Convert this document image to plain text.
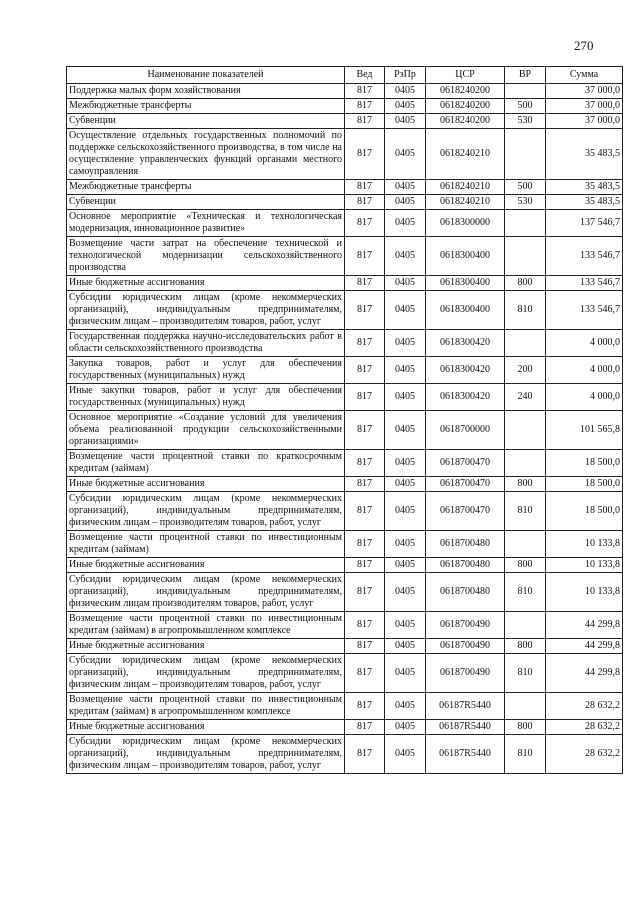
270
Наименование показателей	Вед	РзПр	ЦСР	ВР	Сумма
Поддержка малых форм хозяйствования	817	0405	0618240200		37 000,0
Межбюджетные трансферты	817	0405	0618240200	500	37 000,0
Субвенции	817	0405	0618240200	530	37 000,0
Осуществление отдельных государственных полномочий по поддержке сельскохозяйственного производства, в том числе на осуществление управленческих функций органами местного самоуправления	817	0405	0618240210		35 483,5
Межбюджетные трансферты	817	0405	0618240210	500	35 483,5
Субвенции	817	0405	0618240210	530	35 483,5
Основное мероприятие «Техническая и технологическая модернизация, инновационное развитие»	817	0405	0618300000		137 546,7
Возмещение части затрат на обеспечение технической и технологической модернизации сельскохозяйственного производства	817	0405	0618300400		133 546,7
Иные бюджетные ассигнования	817	0405	0618300400	800	133 546,7
Субсидии юридическим лицам (кроме некоммерческих организаций), индивидуальным предпринимателям, физическим лицам – производителям товаров, работ, услуг	817	0405	0618300400	810	133 546,7
Государственная поддержка научно-исследовательских работ в области сельскохозяйственного производства	817	0405	0618300420		4 000,0
Закупка товаров, работ и услуг для обеспечения государственных (муниципальных) нужд	817	0405	0618300420	200	4 000,0
Иные закупки товаров, работ и услуг для обеспечения государственных (муниципальных) нужд	817	0405	0618300420	240	4 000,0
Основное мероприятие «Создание условий для увеличения объема реализованной продукции сельскохозяйственными организациями»	817	0405	0618700000		101 565,8
Возмещение части процентной ставки по краткосрочным кредитам (займам)	817	0405	0618700470		18 500,0
Иные бюджетные ассигнования	817	0405	0618700470	800	18 500,0
Субсидии юридическим лицам (кроме некоммерческих организаций), индивидуальным предпринимателям, физическим лицам – производителям товаров, работ, услуг	817	0405	0618700470	810	18 500,0
Возмещение части процентной ставки по инвестиционным кредитам (займам)	817	0405	0618700480		10 133,8
Иные бюджетные ассигнования	817	0405	0618700480	800	10 133,8
Субсидии юридическим лицам (кроме некоммерческих организаций), индивидуальным предпринимателям, физическим лицам производителям товаров, работ, услуг	817	0405	0618700480	810	10 133,8
Возмещение части процентной ставки по инвестиционным кредитам (займам) в агропромышленном комплексе	817	0405	0618700490		44 299,8
Иные бюджетные ассигнования	817	0405	0618700490	800	44 299,8
Субсидии юридическим лицам (кроме некоммерческих организаций), индивидуальным предпринимателям, физическим лицам – производителям товаров, работ, услуг	817	0405	0618700490	810	44 299,8
Возмещение части процентной ставки по инвестиционным кредитам (займам) в агропромышленном комплексе	817	0405	06187R5440		28 632,2
Иные бюджетные ассигнования	817	0405	06187R5440	800	28 632,2
Субсидии юридическим лицам (кроме некоммерческих организаций), индивидуальным предпринимателям, физическим лицам – производителям товаров, работ, услуг	817	0405	06187R5440	810	28 632,2
